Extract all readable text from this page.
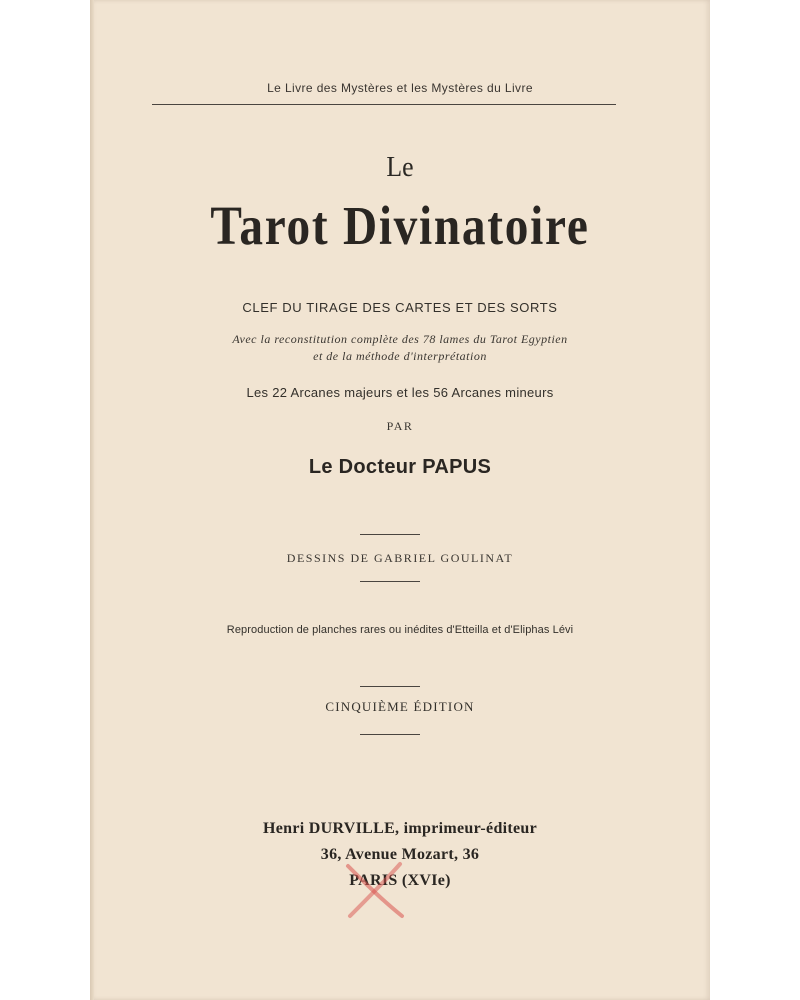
Le Livre des Mystères et les Mystères du Livre
Le
Tarot Divinatoire
CLEF DU TIRAGE DES CARTES ET DES SORTS
Avec la reconstitution complète des 78 lames du Tarot Egyptien
et de la méthode d'interprétation
Les 22 Arcanes majeurs et les 56 Arcanes mineurs
PAR
Le Docteur PAPUS
DESSINS DE GABRIEL GOULINAT
Reproduction de planches rares ou inédites d'Etteilla et d'Eliphas Lévi
CINQUIÈME ÉDITION
Henri DURVILLE, imprimeur-éditeur
36, Avenue Mozart, 36
PARIS (XVIe)
